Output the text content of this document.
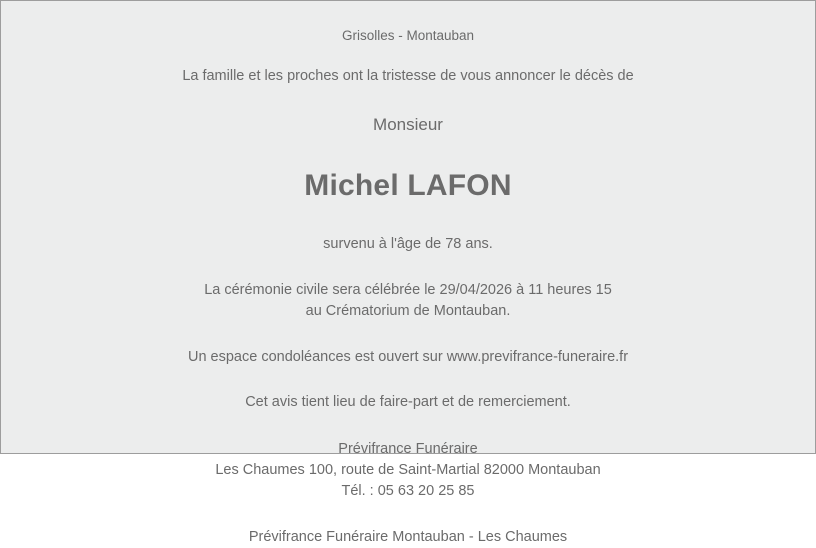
Grisolles - Montauban
La famille et les proches ont la tristesse de vous annoncer le décès de
Monsieur
Michel LAFON
survenu à l'âge de 78 ans.
La cérémonie civile sera célébrée le 29/04/2026 à 11 heures 15
au Crématorium de Montauban.
Un espace condoléances est ouvert sur www.previfrance-funeraire.fr
Cet avis tient lieu de faire-part et de remerciement.
Prévifrance Funéraire
Les Chaumes 100, route de Saint-Martial 82000 Montauban
Tél. : 05 63 20 25 85
Prévifrance Funéraire Montauban - Les Chaumes
